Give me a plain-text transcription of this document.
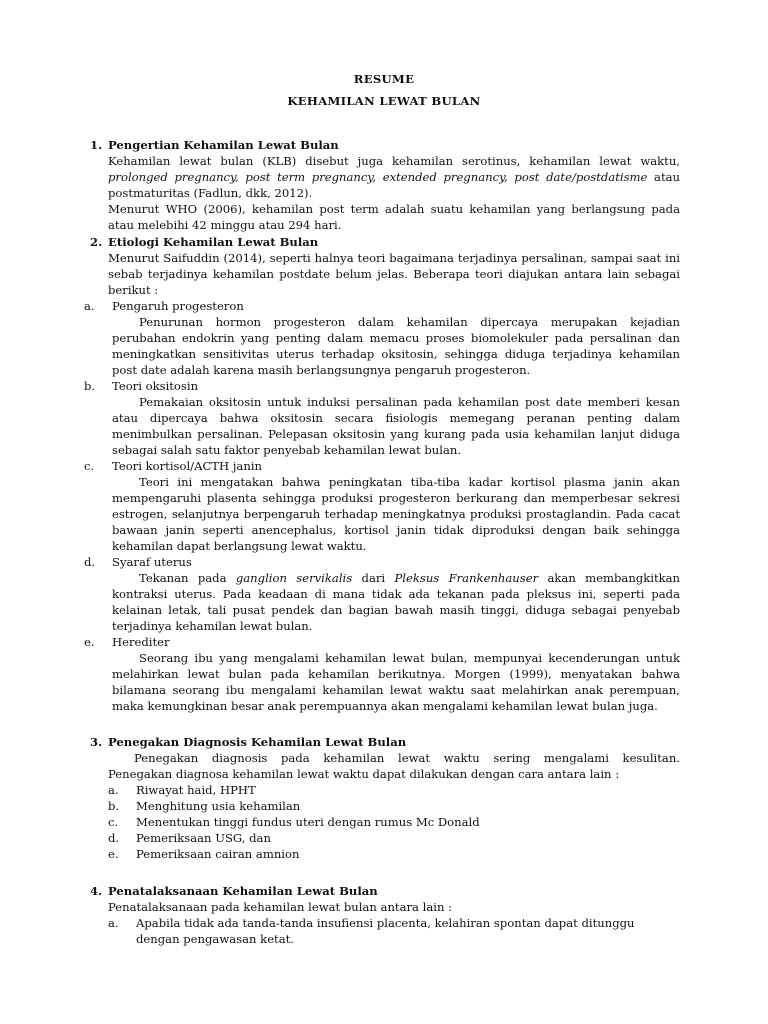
RESUME
KEHAMILAN LEWAT BULAN
1. Pengertian Kehamilan Lewat Bulan
Kehamilan lewat bulan (KLB) disebut juga kehamilan serotinus, kehamilan lewat waktu,
prolonged pregnancy, post term pregnancy, extended pregnancy, post date/postdatisme atau
postmaturitas (Fadlun, dkk, 2012).
Menurut WHO (2006), kehamilan post term adalah suatu kehamilan yang berlangsung pada atau melebihi 42 minggu atau 294 hari.
2. Etiologi Kehamilan Lewat Bulan
Menurut Saifuddin (2014), seperti halnya teori bagaimana terjadinya persalinan, sampai saat ini sebab terjadinya kehamilan postdate belum jelas. Beberapa teori diajukan antara lain sebagai berikut :
a.	Pengaruh progesteron
Penurunan hormon progesteron dalam kehamilan dipercaya merupakan kejadian perubahan endokrin yang penting dalam memacu proses biomolekuler pada persalinan dan meningkatkan sensitivitas uterus terhadap oksitosin, sehingga diduga terjadinya kehamilan post date adalah karena masih berlangsungnya pengaruh progesteron.
b.	Teori oksitosin
Pemakaian oksitosin untuk induksi persalinan pada kehamilan post date memberi kesan atau dipercaya bahwa oksitosin secara fisiologis memegang peranan penting dalam menimbulkan persalinan. Pelepasan oksitosin yang kurang pada usia kehamilan lanjut diduga sebagai salah satu faktor penyebab kehamilan lewat bulan.
c.	Teori kortisol/ACTH janin
Teori ini mengatakan bahwa peningkatan tiba-tiba kadar kortisol plasma janin akan mempengaruhi plasenta sehingga produksi progesteron berkurang dan memperbesar sekresi estrogen, selanjutnya berpengaruh terhadap meningkatnya produksi prostaglandin. Pada cacat bawaan janin seperti anencephalus, kortisol janin tidak diproduksi dengan baik sehingga kehamilan dapat berlangsung lewat waktu.
d.	Syaraf uterus
Tekanan pada ganglion servikalis dari Pleksus Frankenhauser akan membangkitkan kontraksi uterus. Pada keadaan di mana tidak ada tekanan pada pleksus ini, seperti pada kelainan letak, tali pusat pendek dan bagian bawah masih tinggi, diduga sebagai penyebab terjadinya kehamilan lewat bulan.
e.	Herediter
Seorang ibu yang mengalami kehamilan lewat bulan, mempunyai kecenderungan untuk melahirkan lewat bulan pada kehamilan berikutnya. Morgen (1999), menyatakan bahwa bilamana seorang ibu mengalami kehamilan lewat waktu saat melahirkan anak perempuan, maka kemungkinan besar anak perempuannya akan mengalami kehamilan lewat bulan juga.
3. Penegakan Diagnosis Kehamilan Lewat Bulan
Penegakan diagnosis pada kehamilan lewat waktu sering mengalami kesulitan.
Penegakan diagnosa kehamilan lewat waktu dapat dilakukan dengan cara antara lain :
a.	Riwayat haid, HPHT
b.	Menghitung usia kehamilan
c.	Menentukan tinggi fundus uteri dengan rumus Mc Donald
d.	Pemeriksaan USG, dan
e.	Pemeriksaan cairan amnion
4. Penatalaksanaan Kehamilan Lewat Bulan
Penatalaksanaan pada kehamilan lewat bulan antara lain :
a.	Apabila tidak ada tanda-tanda insufiensi placenta, kelahiran spontan dapat ditunggu dengan pengawasan ketat.
